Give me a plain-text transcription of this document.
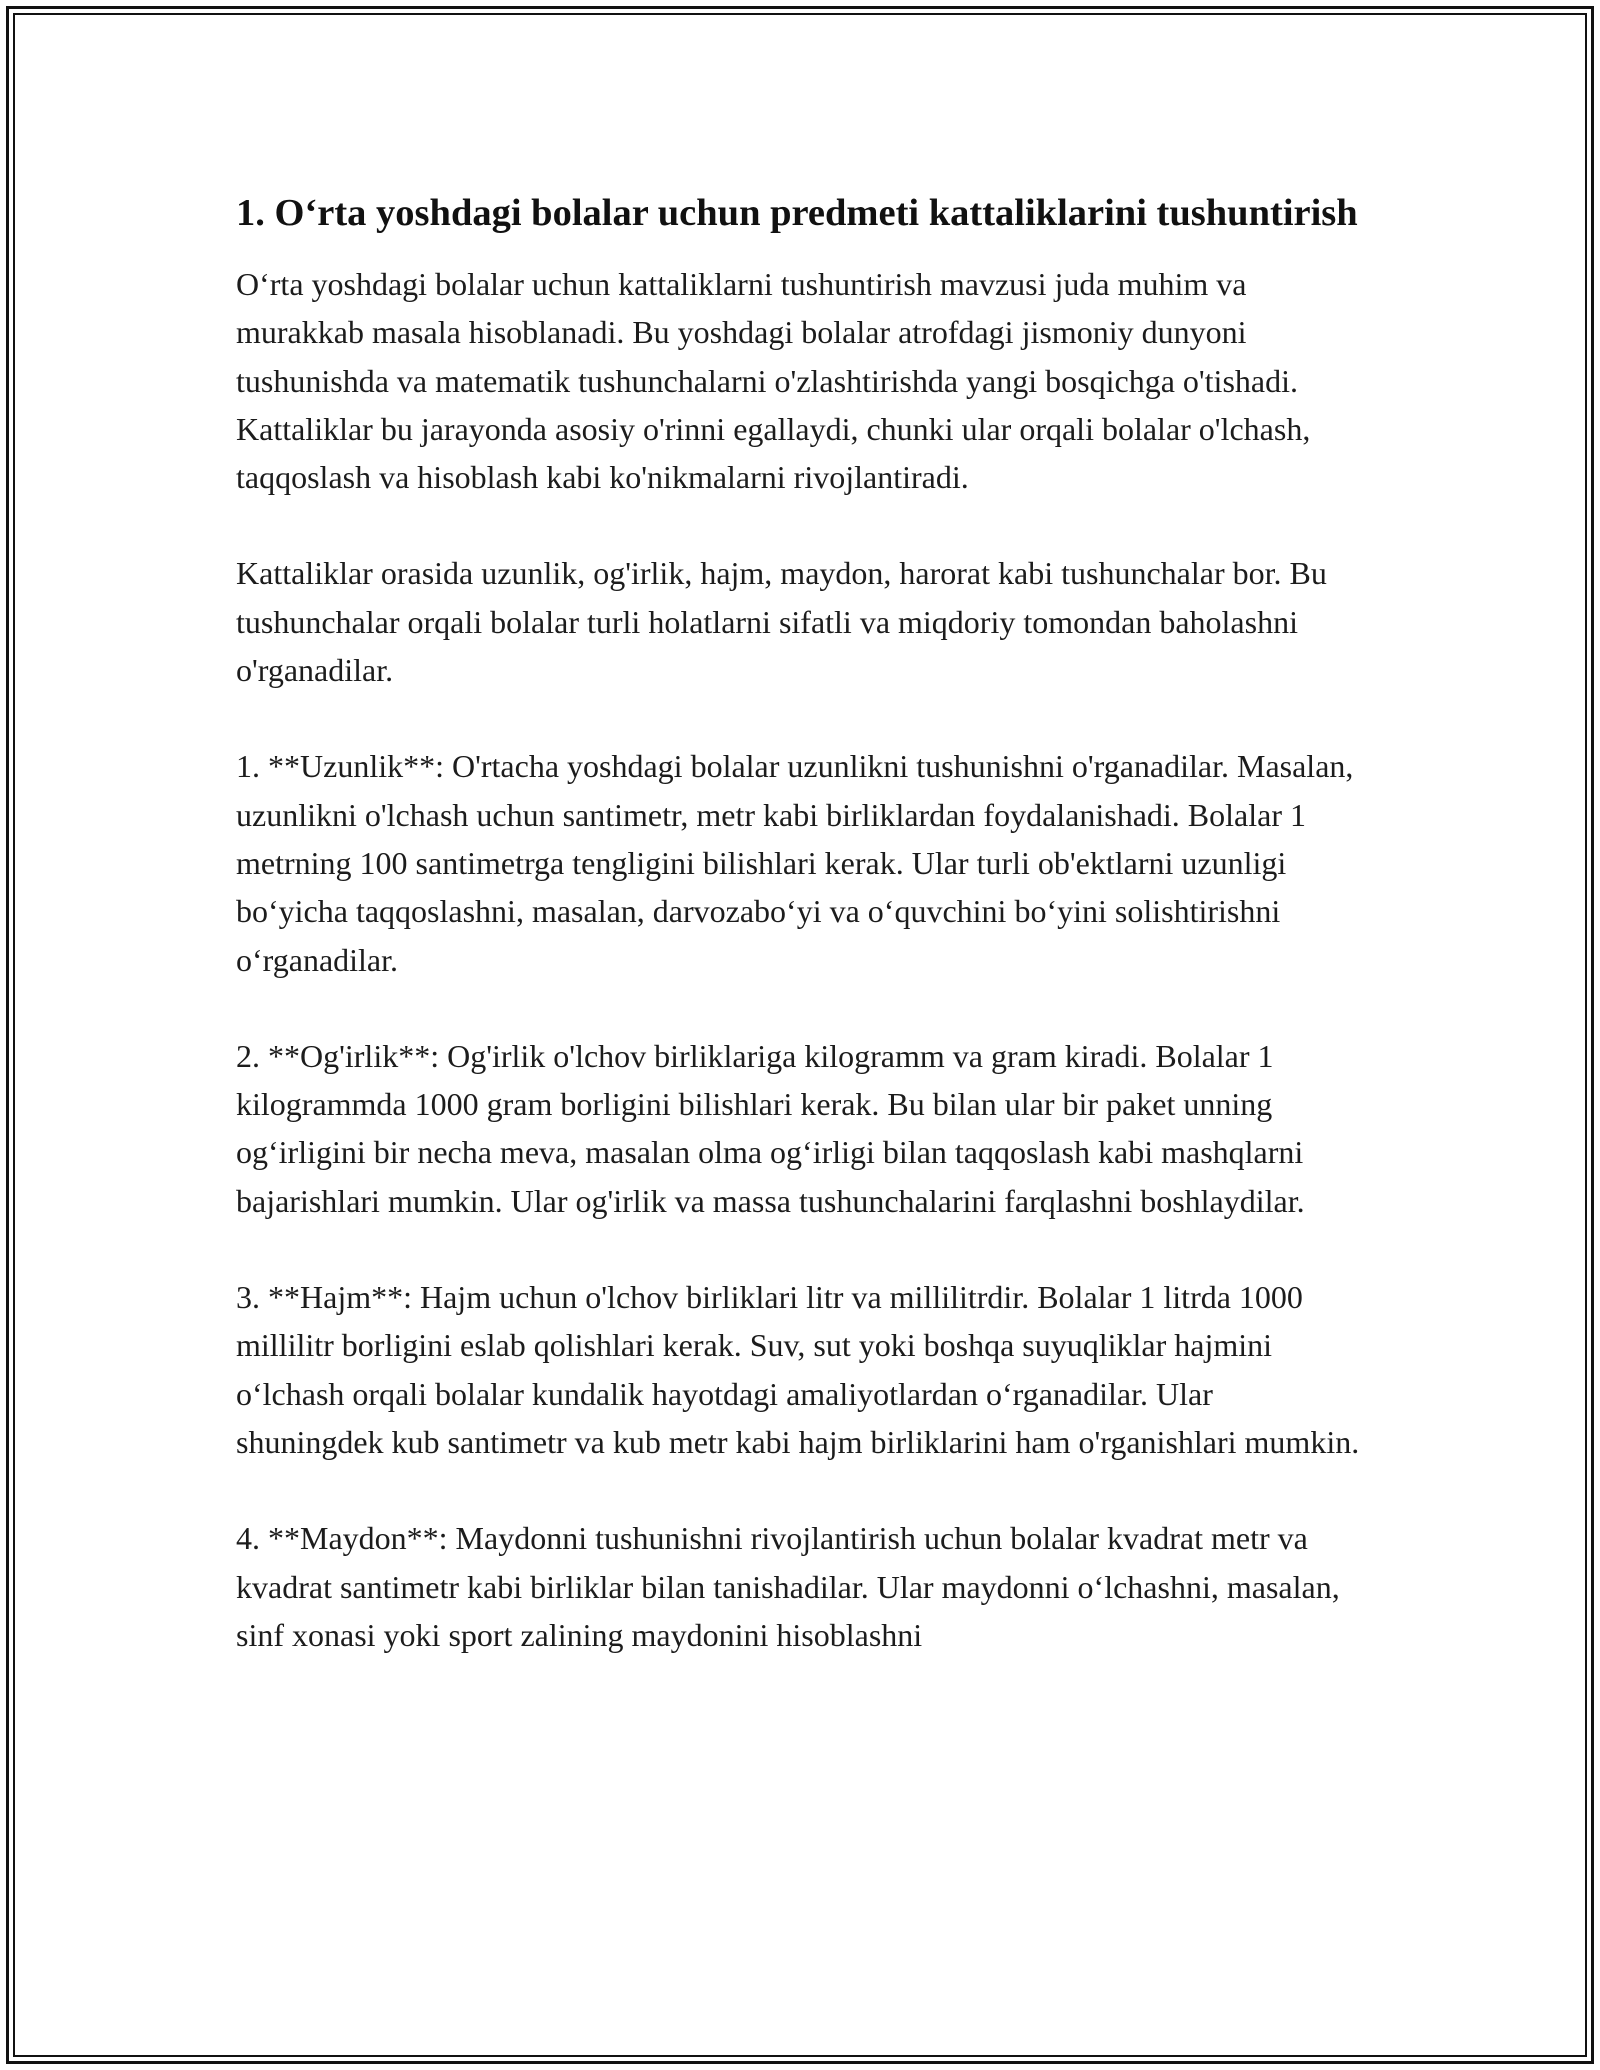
1. O‘rta yoshdagi bolalar uchun predmeti kattaliklarini tushuntirish

O‘rta yoshdagi bolalar uchun kattaliklarni tushuntirish mavzusi juda muhim va murakkab masala hisoblanadi. Bu yoshdagi bolalar atrofdagi jismoniy dunyoni tushunishda va matematik tushunchalarni o'zlashtirishda yangi bosqichga o'tishadi. Kattaliklar bu jarayonda asosiy o'rinni egallaydi, chunki ular orqali bolalar o'lchash, taqqoslash va hisoblash kabi ko'nikmalarni rivojlantiradi.

Kattaliklar orasida uzunlik, og'irlik, hajm, maydon, harorat kabi tushunchalar bor. Bu tushunchalar orqali bolalar turli holatlarni sifatli va miqdoriy tomondan baholashni o'rganadilar.

1. **Uzunlik**: O'rtacha yoshdagi bolalar uzunlikni tushunishni o'rganadilar. Masalan, uzunlikni o'lchash uchun santimetr, metr kabi birliklardan foydalanishadi. Bolalar 1 metrning 100 santimetrga tengligini bilishlari kerak. Ular turli ob'ektlarni uzunligi bo‘yicha taqqoslashni, masalan, darvozabo‘yi va o‘quvchini bo‘yini solishtirishni o‘rganadilar.

2. **Og'irlik**: Og'irlik o'lchov birliklariga kilogramm va gram kiradi. Bolalar 1 kilogrammda 1000 gram borligini bilishlari kerak. Bu bilan ular bir paket unning og‘irligini bir necha meva, masalan olma og‘irligi bilan taqqoslash kabi mashqlarni bajarishlari mumkin. Ular og'irlik va massa tushunchalarini farqlashni boshlaydilar.

3. **Hajm**: Hajm uchun o'lchov birliklari litr va millilitrdir. Bolalar 1 litrda 1000 millilitr borligini eslab qolishlari kerak. Suv, sut yoki boshqa suyuqliklar hajmini o‘lchash orqali bolalar kundalik hayotdagi amaliyotlardan o‘rganadilar. Ular shuningdek kub santimetr va kub metr kabi hajm birliklarini ham o'rganishlari mumkin.

4. **Maydon**: Maydonni tushunishni rivojlantirish uchun bolalar kvadrat metr va kvadrat santimetr kabi birliklar bilan tanishadilar. Ular maydonni o‘lchashni, masalan, sinf xonasi yoki sport zalining maydonini hisoblashni
